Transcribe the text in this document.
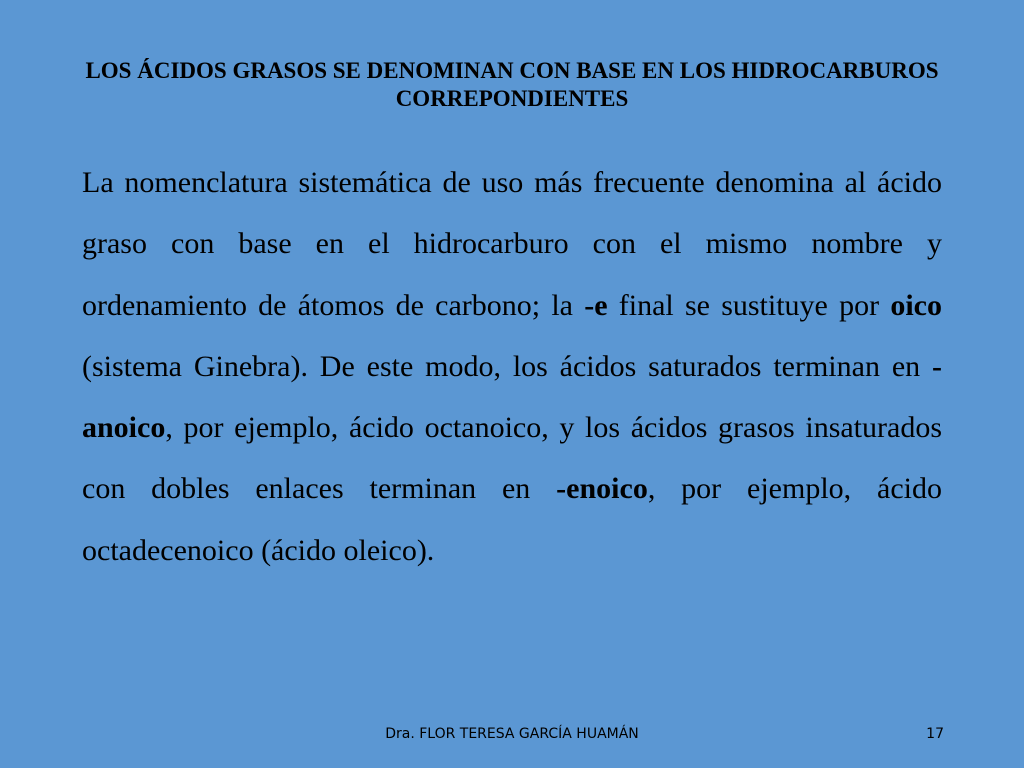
LOS ÁCIDOS GRASOS SE DENOMINAN CON BASE EN LOS HIDROCARBUROS CORREPONDIENTES

La nomenclatura sistemática de uso más frecuente denomina al ácido graso con base en el hidrocarburo con el mismo nombre y ordenamiento de átomos de carbono; la -e final se sustituye por oico (sistema Ginebra). De este modo, los ácidos saturados terminan en -anoico, por ejemplo, ácido octanoico, y los ácidos grasos insaturados con dobles enlaces terminan en -enoico, por ejemplo, ácido octadecenoico (ácido oleico).

Dra. FLOR TERESA GARCÍA HUAMÁN	17
